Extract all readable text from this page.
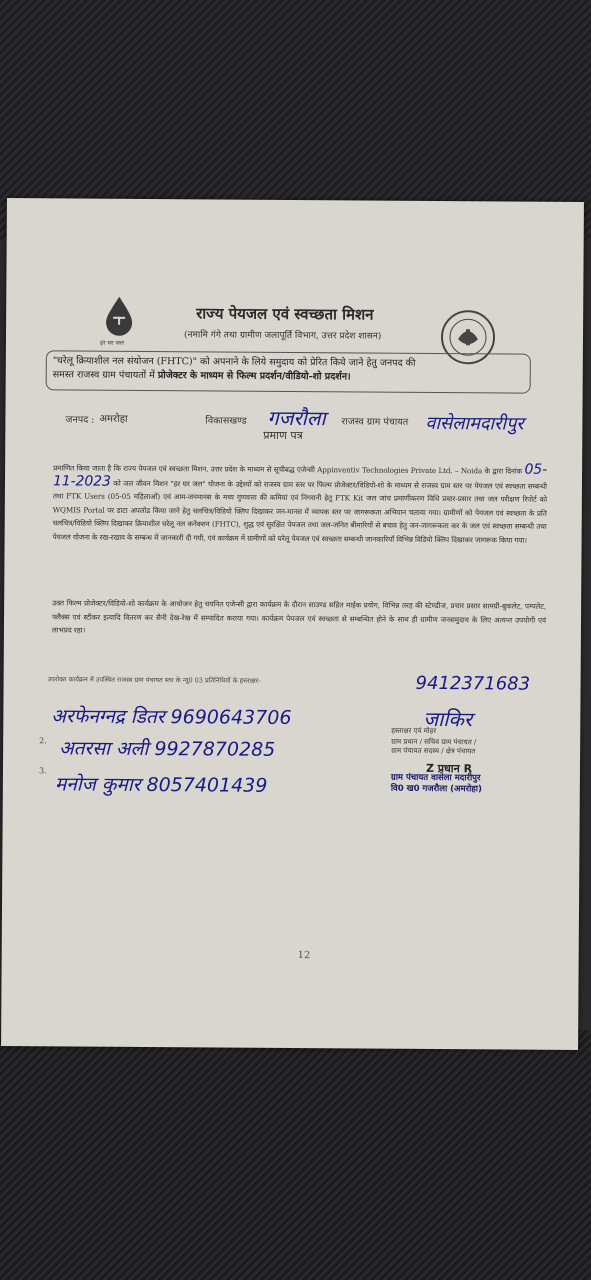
हर घर जल
राज्य पेयजल एवं स्वच्छता मिशन
(नमामि गंगे तथा ग्रामीण जलापूर्ति विभाग, उत्तर प्रदेश शासन)
"घरेलू क्रियाशील नल संयोजन (FHTC)" को अपनाने के लिये समुदाय को प्रेरित किये जाने हेतु जनपद की
समस्त राजस्व ग्राम पंचायतों में प्रोजेक्टर के माध्यम से फिल्म प्रदर्शन/वीडियो-शो प्रदर्शन।
जनपद : अमरोहा	विकासखण्ड गजरौला राजस्व ग्राम पंचायत वासेलामदारीपुर
प्रमाण पत्र
प्रमाणित किया जाता है कि राज्य पेयजल एवं स्वच्छता मिशन, उत्तर प्रदेश के माध्यम से सूचीबद्ध एजेन्सी Appinventiv Technologies Private Ltd. – Noida के द्वारा दिनांक 05-11-2023 को जल जीवन मिशन "हर घर जल" योजना के उद्देश्यों को राजस्व ग्राम स्तर पर फिल्म प्रोजेक्टर/विडियो-शो के माध्यम से राजस्व ग्राम स्तर पर पेयजल एवं स्वच्छता सम्बन्धी तथा FTK Users (05-05 महिलाओं) एवं आम-जनमानस के मध्य गुणवत्ता की कमियां एवं निगरानी हेतु FTK Kit जल जांच प्रमाणीकरण विधि प्रचार-प्रसार तथा जल परीक्षण रिपोर्ट को WQMIS Portal पर डाटा अपलोड किया जाने हेतु चलचित्र/विडियो क्लिप दिखाकर जन-मानस में व्यापक स्तर पर जागरूकता अभियान चलाया गया। ग्रामीणों को पेयजल एवं स्वच्छता के प्रति चलचित्र/विडियो क्लिप दिखाकर क्रियाशील घरेलू नल कनेक्शन (FHTC), शुद्ध एवं सुरक्षित पेयजल तथा जल-जनित बीमारियों से बचाव हेतु जन-जागरूकता कर के जल एवं स्वच्छता सम्बन्धी तथा पेयजल योजना के रख-रखाव के सम्बन्ध में जानकारी दी गयी, एवं कार्यक्रम में ग्रामीणों को घरेलू पेयजल एवं स्वच्छता सम्बन्धी जानकारियाँ विभिन्न विडियो क्लिप दिखाकर जागरूक किया गया।
उक्त फिल्म प्रोजेक्टर/विडियो-शो कार्यक्रम के आयोजन हेतु चयनित एजेन्सी द्वारा कार्यक्रम के दौरान साउण्ड सहित माईक प्रयोग, विभिन्न तरह की स्टेण्डीज, प्रचार प्रसार सामग्री-बुकलेट, पम्पलेट, फ्लैक्स एवं स्टीकर इत्यादि वितरण कर सैनी देख-रेख में सम्पादित कराया गया। कार्यक्रम पेयजल एवं स्वच्छता से सम्बन्धित होने के साथ ही ग्रामीण जनसमुदाय के लिए अत्यन्त उपयोगी एवं लाभप्रद रहा।
उपरोक्त कार्यक्रम में उपस्थित राजस्व ग्राम पंचायत स्तर के न्यू0 03 प्रतिनिधियों के हस्ताक्षर-	9412371683
अरफेनग्नद्र डितर 9690643706
2. अतरसा अली 9927870285
3.
मनोज कुमार 8057401439
जाकिर
हस्ताक्षर एवं मोहर
ग्राम प्रधान / सचिव ग्राम पंचायत /
ग्राम पंचायत सदस्य / क्षेत्र पंचायत
Z प्रधान R
ग्राम पंचायत वासेला मदारीपुर
वि0 ख0 गजरौला (अमरोहा)
12
